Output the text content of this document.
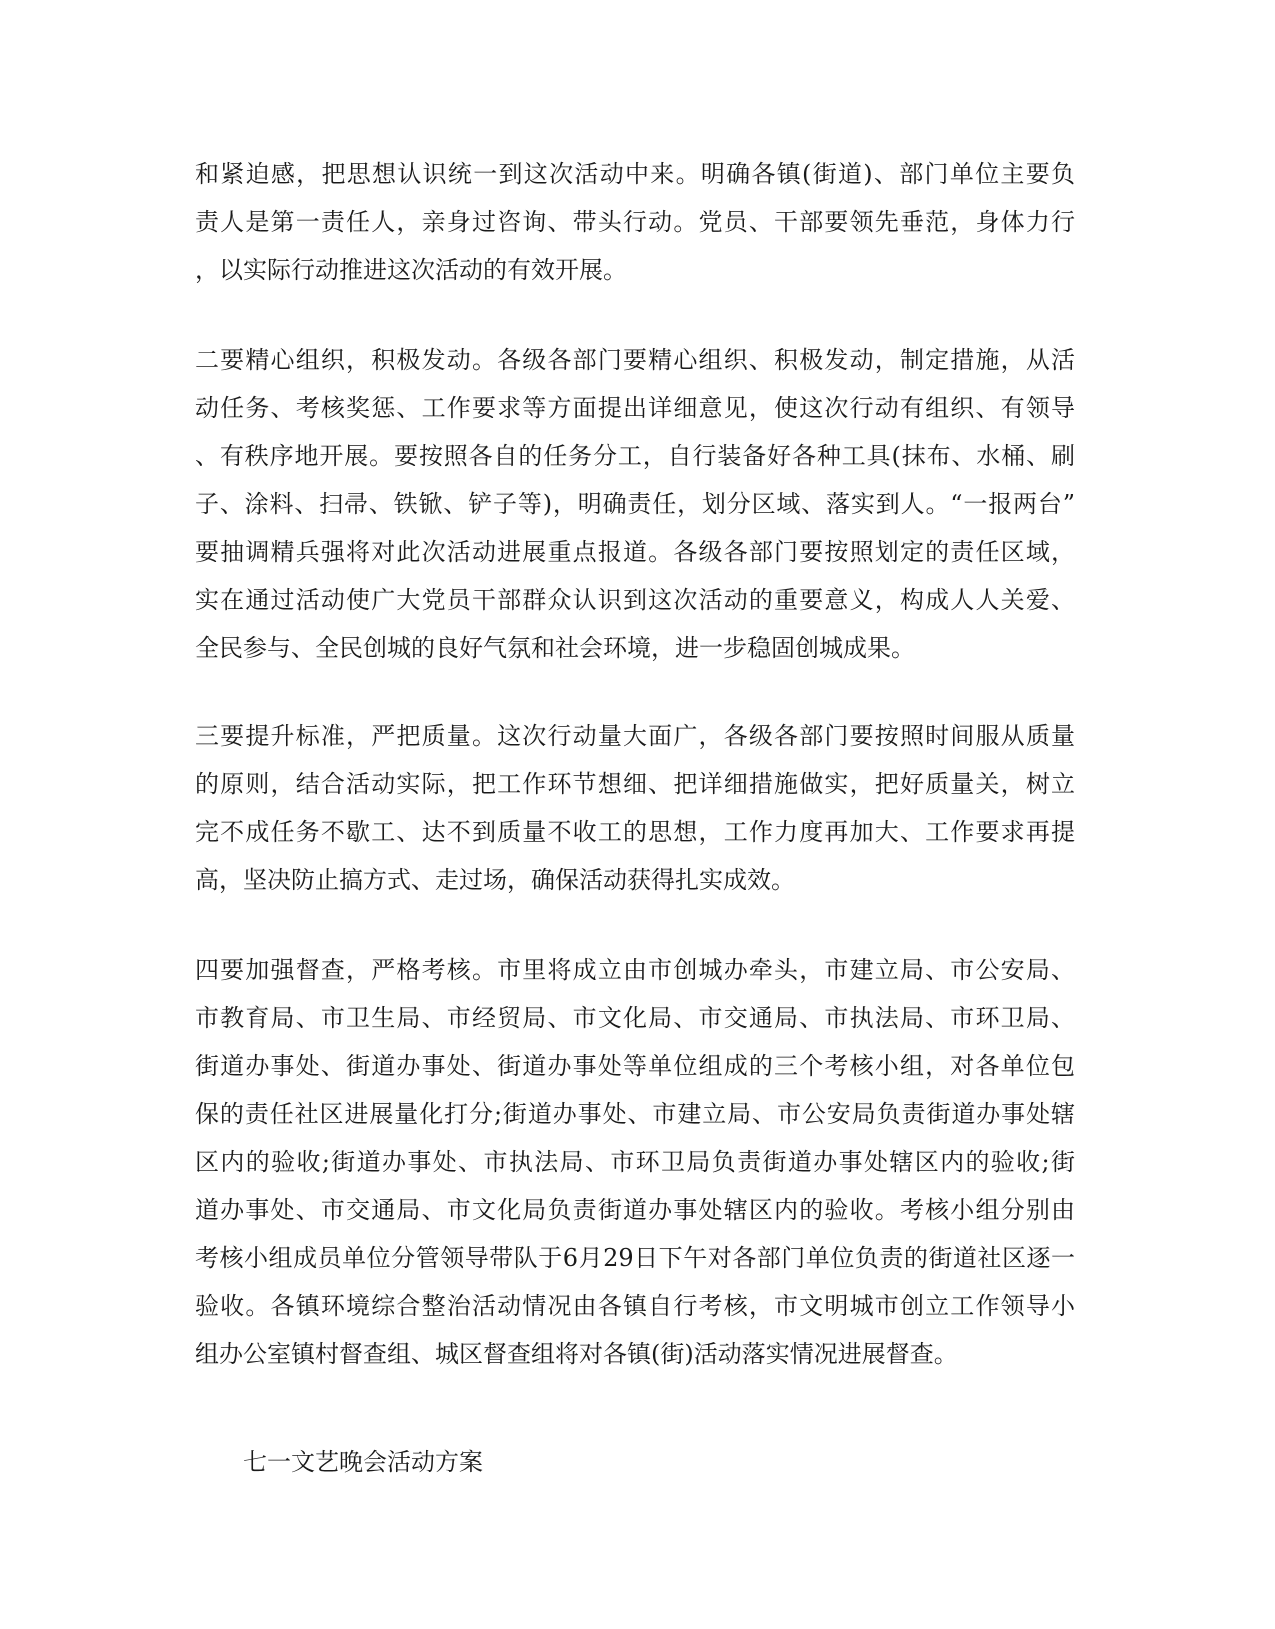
和紧迫感，把思想认识统一到这次活动中来。明确各镇(街道)、部门单位主要负
责人是第一责任人，亲身过咨询、带头行动。党员、干部要领先垂范，身体力行
，以实际行动推进这次活动的有效开展。
二要精心组织，积极发动。各级各部门要精心组织、积极发动，制定措施，从活
动任务、考核奖惩、工作要求等方面提出详细意见，使这次行动有组织、有领导
、有秩序地开展。要按照各自的任务分工，自行装备好各种工具(抹布、水桶、刷
子、涂料、扫帚、铁锨、铲子等)，明确责任，划分区域、落实到人。“一报两台”
要抽调精兵强将对此次活动进展重点报道。各级各部门要按照划定的责任区域，
实在通过活动使广大党员干部群众认识到这次活动的重要意义，构成人人关爱、
全民参与、全民创城的良好气氛和社会环境，进一步稳固创城成果。
三要提升标准，严把质量。这次行动量大面广，各级各部门要按照时间服从质量
的原则，结合活动实际，把工作环节想细、把详细措施做实，把好质量关，树立
完不成任务不歇工、达不到质量不收工的思想，工作力度再加大、工作要求再提
高，坚决防止搞方式、走过场，确保活动获得扎实成效。
四要加强督查，严格考核。市里将成立由市创城办牵头，市建立局、市公安局、
市教育局、市卫生局、市经贸局、市文化局、市交通局、市执法局、市环卫局、
街道办事处、街道办事处、街道办事处等单位组成的三个考核小组，对各单位包
保的责任社区进展量化打分;街道办事处、市建立局、市公安局负责街道办事处辖
区内的验收;街道办事处、市执法局、市环卫局负责街道办事处辖区内的验收;街
道办事处、市交通局、市文化局负责街道办事处辖区内的验收。考核小组分别由
考核小组成员单位分管领导带队于6月29日下午对各部门单位负责的街道社区逐一
验收。各镇环境综合整治活动情况由各镇自行考核，市文明城市创立工作领导小
组办公室镇村督查组、城区督查组将对各镇(街)活动落实情况进展督查。
七一文艺晚会活动方案
